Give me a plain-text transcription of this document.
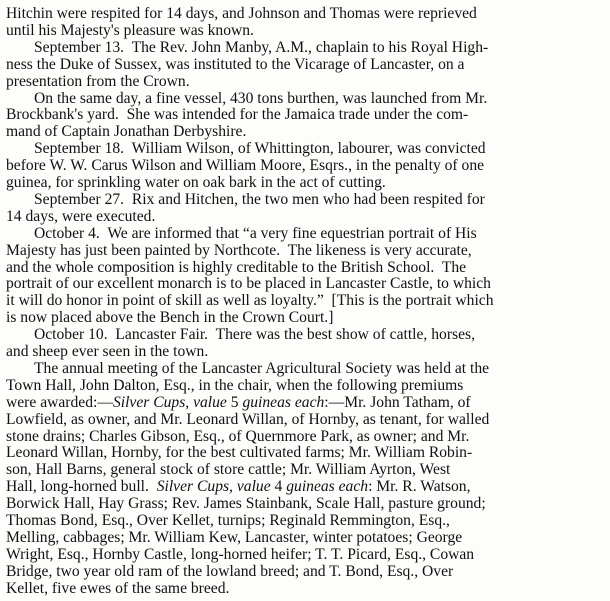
Hitchin were respited for 14 days, and Johnson and Thomas were reprieved
until his Majesty's pleasure was known.
September 13.  The Rev. John Manby, A.M., chaplain to his Royal High-
ness the Duke of Sussex, was instituted to the Vicarage of Lancaster, on a
presentation from the Crown.
On the same day, a fine vessel, 430 tons burthen, was launched from Mr.
Brockbank's yard.  She was intended for the Jamaica trade under the com-
mand of Captain Jonathan Derbyshire.
September 18.  William Wilson, of Whittington, labourer, was convicted
before W. W. Carus Wilson and William Moore, Esqrs., in the penalty of one
guinea, for sprinkling water on oak bark in the act of cutting.
September 27.  Rix and Hitchen, the two men who had been respited for
14 days, were executed.
October 4.  We are informed that “a very fine equestrian portrait of His
Majesty has just been painted by Northcote.  The likeness is very accurate,
and the whole composition is highly creditable to the British School.  The
portrait of our excellent monarch is to be placed in Lancaster Castle, to which
it will do honor in point of skill as well as loyalty.”  [This is the portrait which
is now placed above the Bench in the Crown Court.]
October 10.  Lancaster Fair.  There was the best show of cattle, horses,
and sheep ever seen in the town.
The annual meeting of the Lancaster Agricultural Society was held at the
Town Hall, John Dalton, Esq., in the chair, when the following premiums
were awarded:—Silver Cups, value 5 guineas each:—Mr. John Tatham, of
Lowfield, as owner, and Mr. Leonard Willan, of Hornby, as tenant, for walled
stone drains; Charles Gibson, Esq., of Quernmore Park, as owner; and Mr.
Leonard Willan, Hornby, for the best cultivated farms; Mr. William Robin-
son, Hall Barns, general stock of store cattle; Mr. William Ayrton, West
Hall, long-horned bull.  Silver Cups, value 4 guineas each: Mr. R. Watson,
Borwick Hall, Hay Grass; Rev. James Stainbank, Scale Hall, pasture ground;
Thomas Bond, Esq., Over Kellet, turnips; Reginald Remmington, Esq.,
Melling, cabbages; Mr. William Kew, Lancaster, winter potatoes; George
Wright, Esq., Hornby Castle, long-horned heifer; T. T. Picard, Esq., Cowan
Bridge, two year old ram of the lowland breed; and T. Bond, Esq., Over
Kellet, five ewes of the same breed.
